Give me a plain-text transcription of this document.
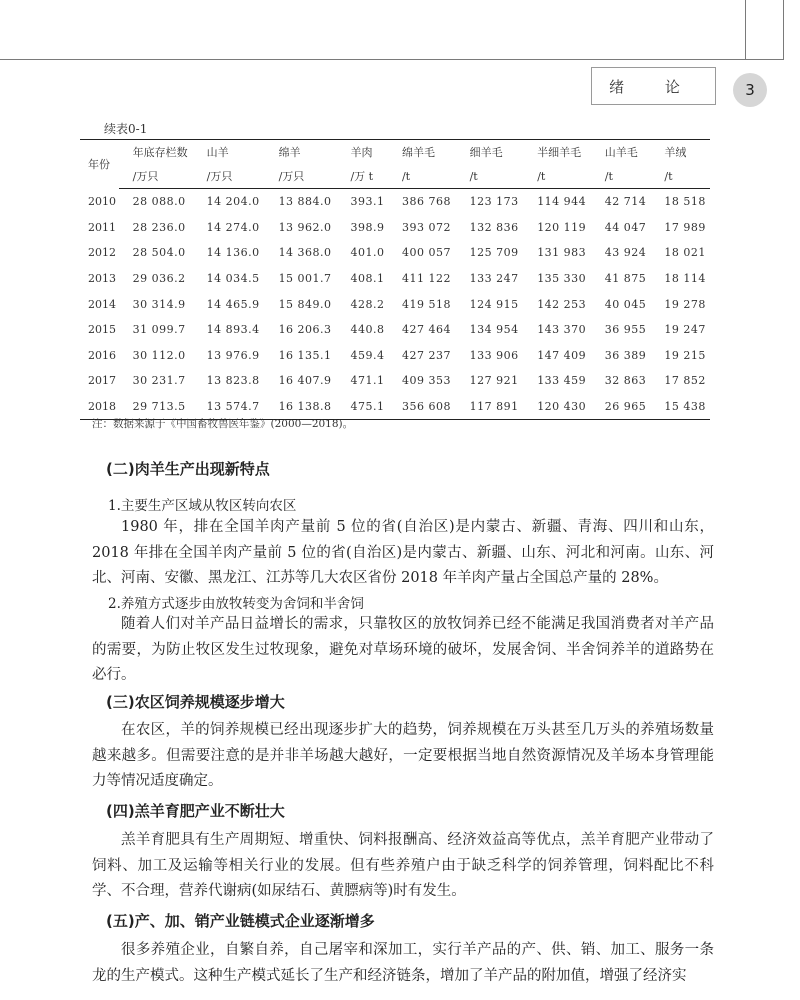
绪 论	3
续表0-1
年份	年底存栏数	山羊	绵羊	羊肉	绵羊毛	细羊毛	半细羊毛	山羊毛	羊绒
	/万只	/万只	/万只	/万 t	/t	/t	/t	/t	/t
2010	28 088.0	14 204.0	13 884.0	393.1	386 768	123 173	114 944	42 714	18 518
2011	28 236.0	14 274.0	13 962.0	398.9	393 072	132 836	120 119	44 047	17 989
2012	28 504.0	14 136.0	14 368.0	401.0	400 057	125 709	131 983	43 924	18 021
2013	29 036.2	14 034.5	15 001.7	408.1	411 122	133 247	135 330	41 875	18 114
2014	30 314.9	14 465.9	15 849.0	428.2	419 518	124 915	142 253	40 045	19 278
2015	31 099.7	14 893.4	16 206.3	440.8	427 464	134 954	143 370	36 955	19 247
2016	30 112.0	13 976.9	16 135.1	459.4	427 237	133 906	147 409	36 389	19 215
2017	30 231.7	13 823.8	16 407.9	471.1	409 353	127 921	133 459	32 863	17 852
2018	29 713.5	13 574.7	16 138.8	475.1	356 608	117 891	120 430	26 965	15 438
注：数据来源于《中国畜牧兽医年鉴》(2000—2018)。
(二)肉羊生产出现新特点
1.主要生产区域从牧区转向农区
1980 年，排在全国羊肉产量前 5 位的省(自治区)是内蒙古、新疆、青海、四川和山东，2018 年排在全国羊肉产量前 5 位的省(自治区)是内蒙古、新疆、山东、河北和河南。山东、河北、河南、安徽、黑龙江、江苏等几大农区省份 2018 年羊肉产量占全国总产量的 28%。
2.养殖方式逐步由放牧转变为舍饲和半舍饲
随着人们对羊产品日益增长的需求，只靠牧区的放牧饲养已经不能满足我国消费者对羊产品的需要，为防止牧区发生过牧现象，避免对草场环境的破坏，发展舍饲、半舍饲养羊的道路势在必行。
(三)农区饲养规模逐步增大
在农区，羊的饲养规模已经出现逐步扩大的趋势，饲养规模在万头甚至几万头的养殖场数量越来越多。但需要注意的是并非羊场越大越好，一定要根据当地自然资源情况及羊场本身管理能力等情况适度确定。
(四)羔羊育肥产业不断壮大
羔羊育肥具有生产周期短、增重快、饲料报酬高、经济效益高等优点，羔羊育肥产业带动了饲料、加工及运输等相关行业的发展。但有些养殖户由于缺乏科学的饲养管理，饲料配比不科学、不合理，营养代谢病(如尿结石、黄膘病等)时有发生。
(五)产、加、销产业链模式企业逐渐增多
很多养殖企业，自繁自养，自己屠宰和深加工，实行羊产品的产、供、销、加工、服务一条龙的生产模式。这种生产模式延长了生产和经济链条，增加了羊产品的附加值，增强了经济实
